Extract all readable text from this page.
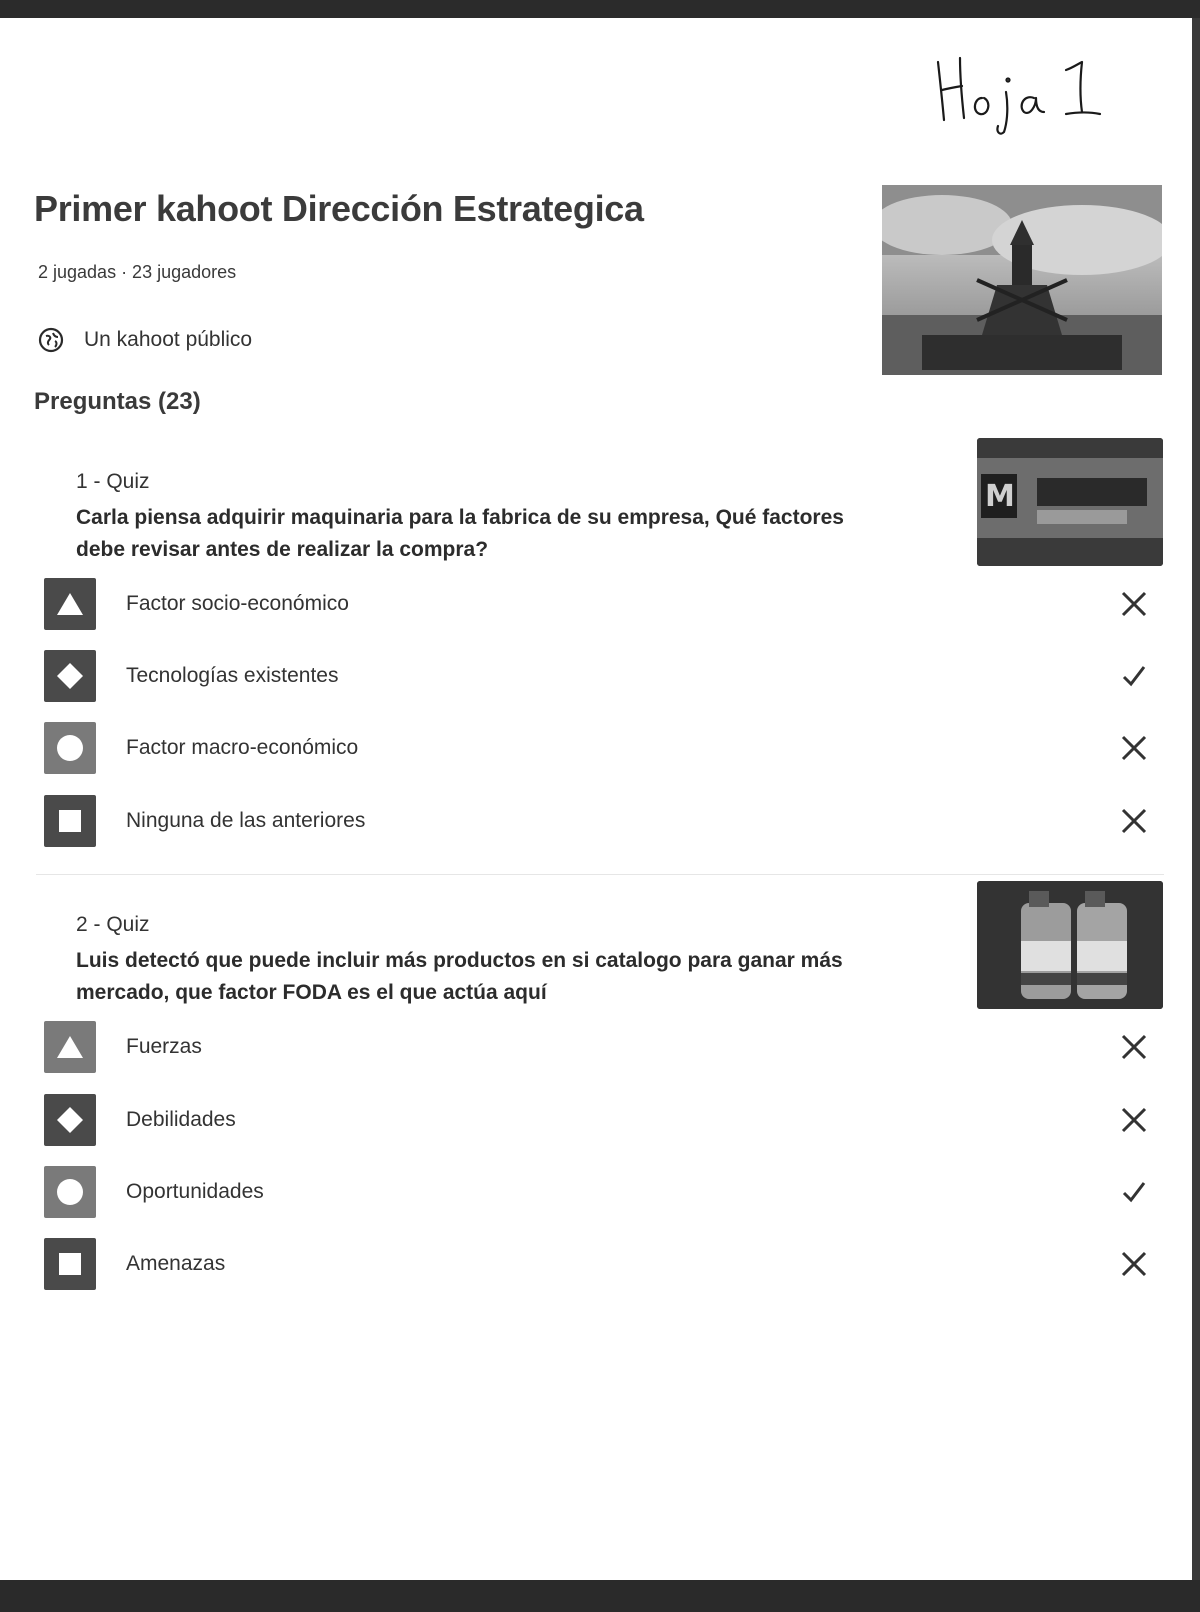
Primer kahoot Dirección Estrategica
2 jugadas · 23 jugadores
Un kahoot público
Preguntas (23)
1 - Quiz
Carla piensa adquirir maquinaria para la fabrica de su empresa, Qué factores debe revisar antes de realizar la compra?
M
Factor socio-económico
Tecnologías existentes
Factor macro-económico
Ninguna de las anteriores
2 - Quiz
Luis detectó que puede incluir más productos en si catalogo para ganar más mercado, que factor FODA es el que actúa aquí
Fuerzas
Debilidades
Oportunidades
Amenazas
